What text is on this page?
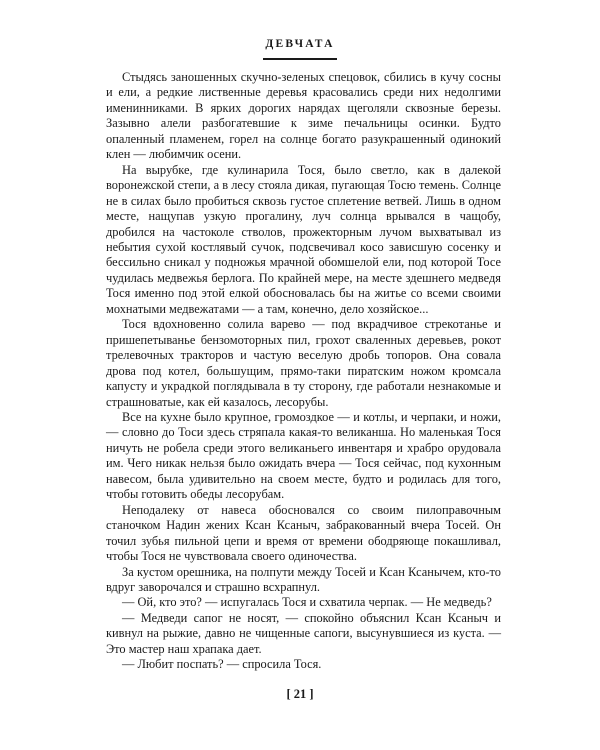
ДЕВЧАТА

Стыдясь заношенных скучно-зеленых спецовок, сбились в кучу сосны и ели, а редкие лиственные деревья красовались среди них недолгими именинниками. В ярких дорогих нарядах щеголяли сквозные березы. Зазывно алели разбогатевшие к зиме печальницы осинки. Будто опаленный пламенем, горел на солнце богато разукрашенный одинокий клен — любимчик осени.

На вырубке, где кулинарила Тося, было светло, как в далекой воронежской степи, а в лесу стояла дикая, пугающая Тосю темень. Солнце не в силах было пробиться сквозь густое сплетение ветвей. Лишь в одном месте, нащупав узкую прогалину, луч солнца врывался в чащобу, дробился на частоколе стволов, прожекторным лучом выхватывал из небытия сухой костлявый сучок, подсвечивал косо зависшую сосенку и бессильно сникал у подножья мрачной обомшелой ели, под которой Тосе чудилась медвежья берлога. По крайней мере, на месте здешнего медведя Тося именно под этой елкой обосновалась бы на житье со всеми своими мохнатыми медвежатами — а там, конечно, дело хозяйское...

Тося вдохновенно солила варево — под вкрадчивое стрекотанье и пришепетыванье бензомоторных пил, грохот сваленных деревьев, рокот трелевочных тракторов и частую веселую дробь топоров. Она совала дрова под котел, большущим, прямо-таки пиратским ножом кромсала капусту и украдкой поглядывала в ту сторону, где работали незнакомые и страшноватые, как ей казалось, лесорубы.

Все на кухне было крупное, громоздкое — и котлы, и черпаки, и ножи, — словно до Тоси здесь стряпала какая-то великанша. Но маленькая Тося ничуть не робела среди этого великаньего инвентаря и храбро орудовала им. Чего никак нельзя было ожидать вчера — Тося сейчас, под кухонным навесом, была удивительно на своем месте, будто и родилась для того, чтобы готовить обеды лесорубам.

Неподалеку от навеса обосновался со своим пилоправочным станочком Надин жених Ксан Ксаныч, забракованный вчера Тосей. Он точил зубья пильной цепи и время от времени ободряюще покашливал, чтобы Тося не чувствовала своего одиночества.

За кустом орешника, на полпути между Тосей и Ксан Ксанычем, кто-то вдруг заворочался и страшно всхрапнул.

— Ой, кто это? — испугалась Тося и схватила черпак. — Не медведь?

— Медведи сапог не носят, — спокойно объяснил Ксан Ксаныч и кивнул на рыжие, давно не чищенные сапоги, высунувшиеся из куста. — Это мастер наш храпака дает.

— Любит поспать? — спросила Тося.

[ 21 ]
